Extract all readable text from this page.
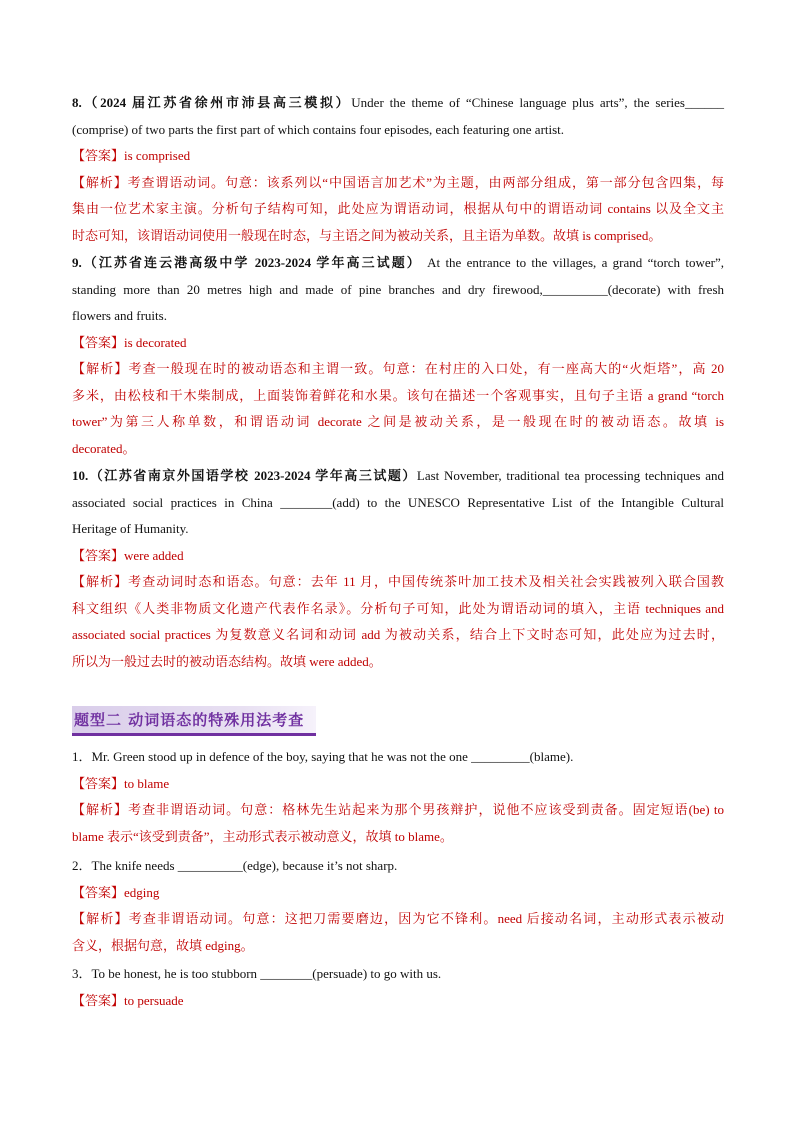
8.（2024 届江苏省徐州市沛县高三模拟）Under the theme of “Chinese language plus arts”, the series______
(comprise) of two parts the first part of which contains four episodes, each featuring one artist.
【答案】is comprised
【解析】考查谓语动词。句意：该系列以“中国语言加艺术”为主题，由两部分组成，第一部分包含四集，每
集由一位艺术家主演。分析句子结构可知，此处应为谓语动词，根据从句中的谓语动词 contains 以及全文主
时态可知，该谓语动词使用一般现在时态，与主语之间为被动关系，且主语为单数。故填 is comprised。
9.（江苏省连云港高级中学 2023-2024 学年高三试题） At the entrance to the villages, a grand “torch tower”,
standing more than 20 metres high and made of pine branches and dry firewood,__________(decorate) with fresh
flowers and fruits.
【答案】is decorated
【解析】考查一般现在时的被动语态和主谓一致。句意：在村庄的入口处，有一座高大的“火炬塔”，高 20
多米，由松枝和干木柴制成，上面装饰着鲜花和水果。该句在描述一个客观事实，且句子主语 a grand “torch
tower”为第三人称单数，和谓语动词 decorate 之间是被动关系，是一般现在时的被动语态。故填 is
decorated。
10.（江苏省南京外国语学校 2023-2024 学年高三试题）Last November, traditional tea processing techniques and
associated social practices in China ________(add) to the UNESCO Representative List of the Intangible Cultural
Heritage of Humanity.
【答案】were added
【解析】考查动词时态和语态。句意：去年 11 月，中国传统茶叶加工技术及相关社会实践被列入联合国教
科文组织《人类非物质文化遗产代表作名录》。分析句子可知，此处为谓语动词的填入，主语 techniques and
associated social practices 为复数意义名词和动词 add 为被动关系，结合上下文时态可知，此处应为过去时，
所以为一般过去时的被动语态结构。故填 were added。
题型二 动词语态的特殊用法考查
1．Mr. Green stood up in defence of the boy, saying that he was not the one _________(blame).
【答案】to blame
【解析】考查非谓语动词。句意：格林先生站起来为那个男孩辩护，说他不应该受到责备。固定短语(be) to
blame 表示“该受到责备”，主动形式表示被动意义，故填 to blame。
2．The knife needs __________(edge), because it’s not sharp.
【答案】edging
【解析】考查非谓语动词。句意：这把刀需要磨边，因为它不锋利。need 后接动名词，主动形式表示被动
含义，根据句意，故填 edging。
3．To be honest, he is too stubborn ________(persuade) to go with us.
【答案】to persuade
